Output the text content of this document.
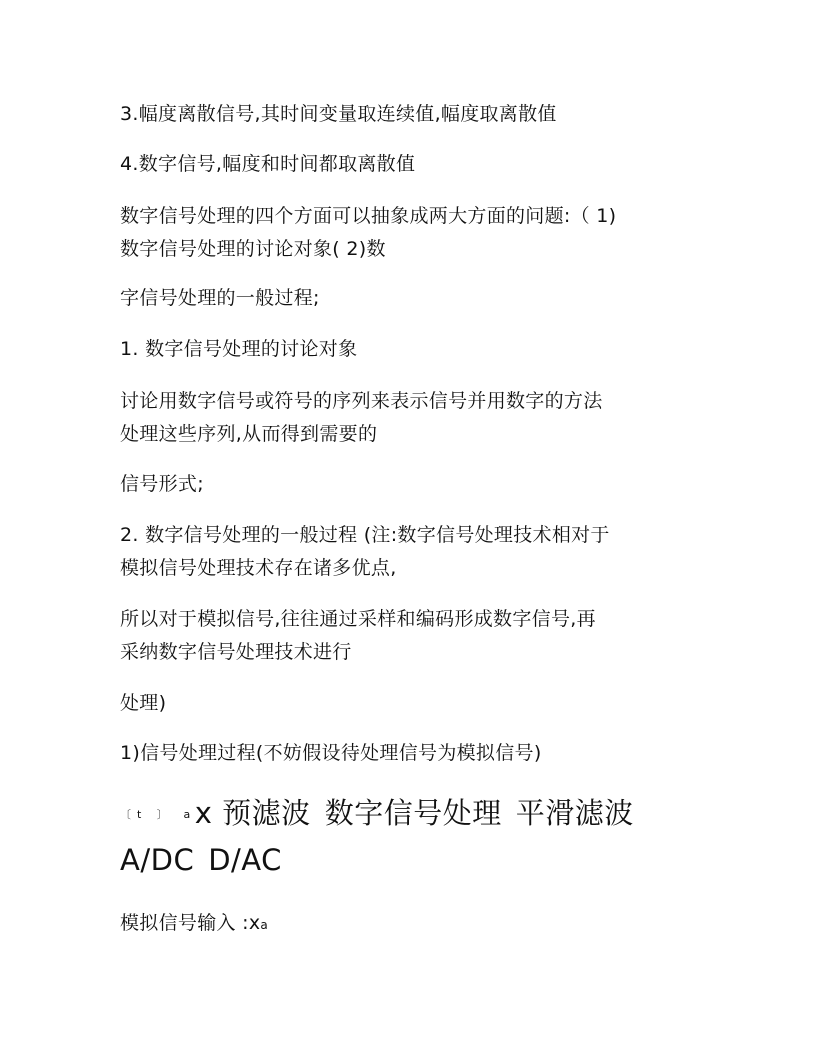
3.幅度离散信号,其时间变量取连续值,幅度取离散值
4.数字信号,幅度和时间都取离散值
数字信号处理的四个方面可以抽象成两大方面的问题:（ 1)
数字信号处理的讨论对象( 2)数
字信号处理的一般过程;
1. 数字信号处理的讨论对象
讨论用数字信号或符号的序列来表示信号并用数字的方法
处理这些序列,从而得到需要的
信号形式;
2. 数字信号处理的一般过程 (注:数字信号处理技术相对于
模拟信号处理技术存在诸多优点,
所以对于模拟信号,往往通过采样和编码形成数字信号,再
采纳数字信号处理技术进行
处理)
1)信号处理过程(不妨假设待处理信号为模拟信号)
〔t 〕 a x 预滤波 数字信号处理 平滑滤波
A/DC D/AC
模拟信号输入 :xa
